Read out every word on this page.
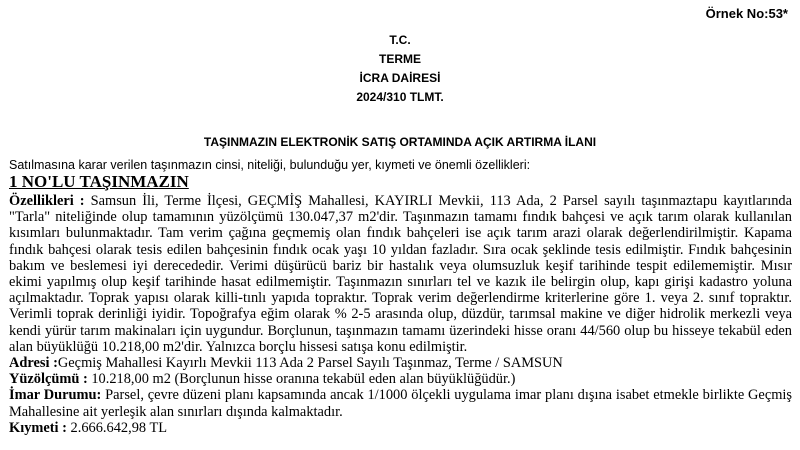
Örnek No:53*
T.C.
TERME
İCRA DAİRESİ
2024/310 TLMT.
TAŞINMAZIN ELEKTRONİK SATIŞ ORTAMINDA AÇIK ARTIRMA İLANI
Satılmasına karar verilen taşınmazın cinsi, niteliği, bulunduğu yer, kıymeti ve önemli özellikleri:
1 NO'LU TAŞINMAZIN

Özellikleri : Samsun İli, Terme İlçesi, GEÇMİŞ Mahallesi, KAYIRLI Mevkii, 113 Ada, 2 Parsel sayılı taşınmaztapu kayıtlarında "Tarla" niteliğinde olup tamamının yüzölçümü 130.047,37 m2'dir. Taşınmazın tamamı fındık bahçesi ve açık tarım olarak kullanılan kısımları bulunmaktadır. Tam verim çağına geçmemiş olan fındık bahçeleri ise açık tarım arazi olarak değerlendirilmiştir. Kapama fındık bahçesi olarak tesis edilen bahçesinin fındık ocak yaşı 10 yıldan fazladır. Sıra ocak şeklinde tesis edilmiştir. Fındık bahçesinin bakım ve beslemesi iyi derecededir. Verimi düşürücü bariz bir hastalık veya olumsuzluk keşif tarihinde tespit edilememiştir. Mısır ekimi yapılmış olup keşif tarihinde hasat edilmemiştir. Taşınmazın sınırları tel ve kazık ile belirgin olup, kapı girişi kadastro yoluna açılmaktadır. Toprak yapısı olarak killi-tınlı yapıda topraktır. Toprak verim değerlendirme kriterlerine göre 1. veya 2. sınıf topraktır. Verimli toprak derinliği iyidir. Topoğrafya eğim olarak % 2-5 arasında olup, düzdür, tarımsal makine ve diğer hidrolik merkezli veya kendi yürür tarım makinaları için uygundur. Borçlunun, taşınmazın tamamı üzerindeki hisse oranı 44/560 olup bu hisseye tekabül eden alan büyüklüğü 10.218,00 m2'dir. Yalnızca borçlu hissesi satışa konu edilmiştir.

Adresi :Geçmiş Mahallesi Kayırlı Mevkii 113 Ada 2 Parsel Sayılı Taşınmaz, Terme / SAMSUN

Yüzölçümü : 10.218,00 m2 (Borçlunun hisse oranına tekabül eden alan büyüklüğüdür.)

İmar Durumu: Parsel, çevre düzeni planı kapsamında ancak 1/1000 ölçekli uygulama imar planı dışına isabet etmekle birlikte Geçmiş Mahallesine ait yerleşik alan sınırları dışında kalmaktadır.

Kıymeti : 2.666.642,98 TL
